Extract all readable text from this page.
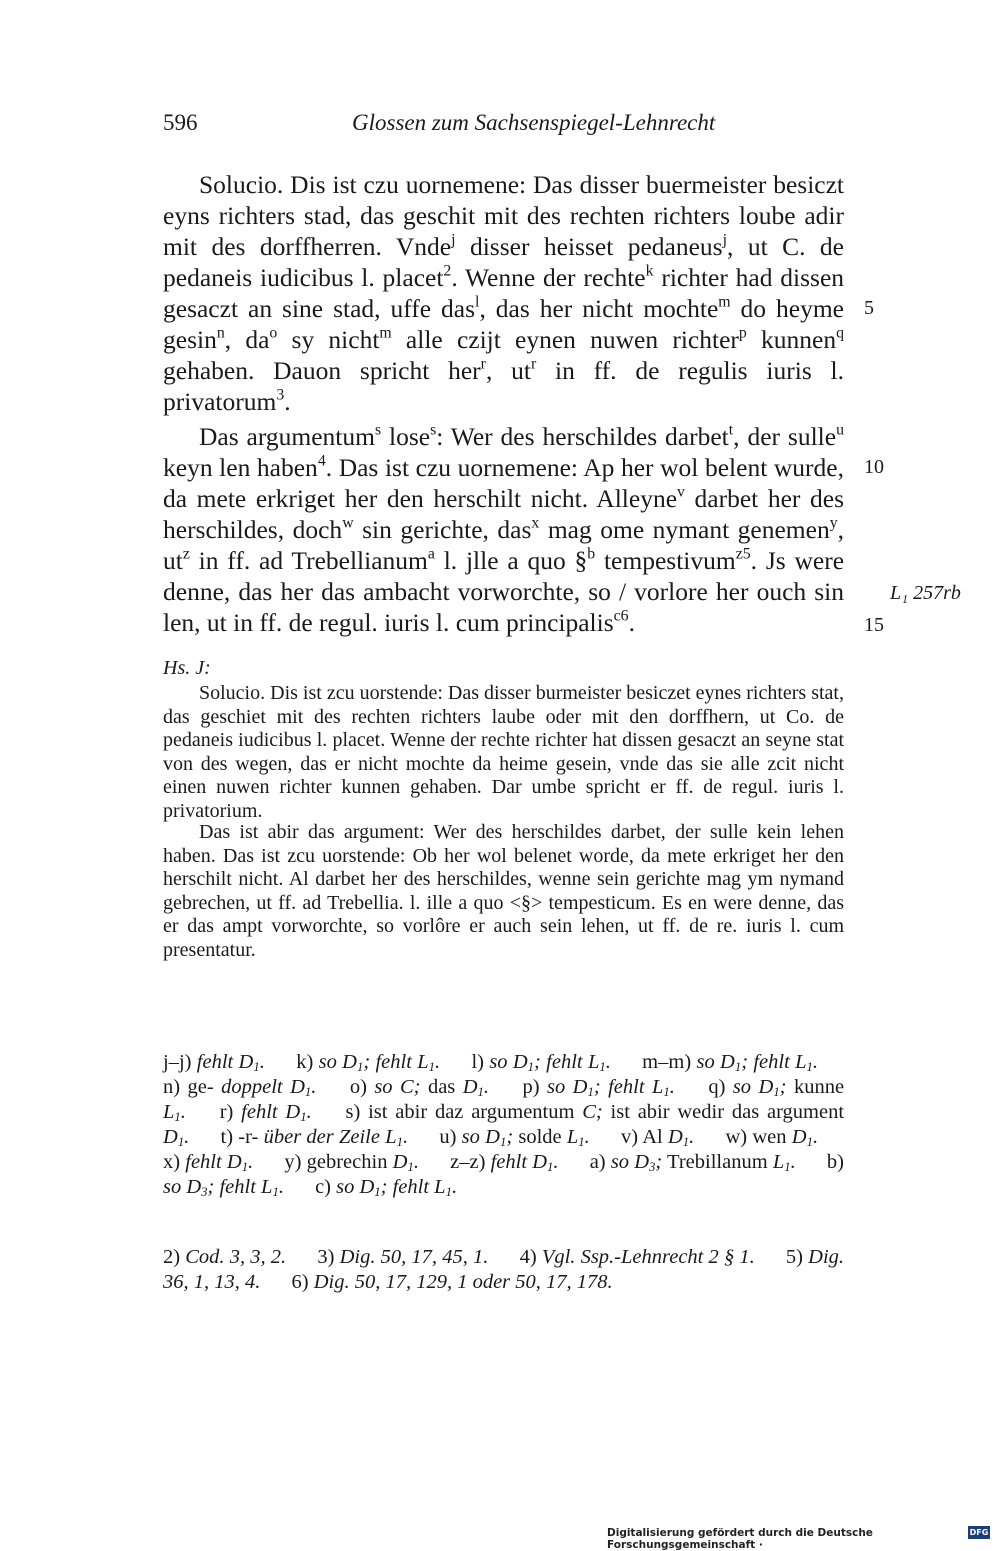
596	Glossen zum Sachsenspiegel-Lehnrecht

Solucio. Dis ist czu uornemene: Das disser buermeister besiczt eyns richters stad, das geschit mit des rechten richters loube adir mit des dorffherren. Vnde$^j$ disser heisset pedaneus$^j$, ut C. de pedaneis iudicibus l. placet$^2$. Wenne der rechte$^k$ richter had dissen gesaczt an sine stad, uffe das$^l$, das her nicht mochte$^m$ do heyme gesin$^n$, $da^o$ sy nicht$^m$ alle czijt eynen nuwen richter$^p$ kunnen$^q$ gehaben. Dauon spricht her$^r$, $ut^r$ in ff. de regulis iuris l. privatorum$^3$.

Das argumentum$^s$ lose$^s$: Wer des herschildes darbet$^t$, der sulle$^u$ keyn len haben$^4$. Das ist czu uornemene: Ap her wol belent wurde, da mete erkriget her den herschilt nicht. Alleyne$^v$ darbet her des herschildes, doch$^w$ sin gerichte, das$^x$ mag ome nymant genemen$^y$, $ut^z$ in ff. ad Trebellianum$^a$ l. jlle a quo §$^b$ tempestivum$^{z5}$. Js were denne, das her das ambacht vorworchte, so / vorlore her ouch sin len, ut in ff. de regul. iuris l. cum principalis$^{c6}$.

5
10
15
L₁ 257rb
Hs. J:

Solucio. Dis ist zcu uorstende: Das disser burmeister besiczet eynes richters stat, das geschiet mit des rechten richters laube oder mit den dorffhern, ut Co. de pedaneis iudicibus l. placet. Wenne der rechte richter hat dissen gesaczt an seyne stat von des wegen, das er nicht mochte da heime gesein, vnde das sie alle zcit nicht einen nuwen richter kunnen gehaben. Dar umbe spricht er ff. de regul. iuris l. privatorium.

Das ist abir das argument: Wer des herschildes darbet, der sulle kein lehen haben. Das ist zcu uorstende: Ob her wol belenet worde, da mete erkriget her den herschilt nicht. Al darbet her des herschildes, wenne sein gerichte mag ym nymand gebrechen, ut ff. ad Trebellia. l. ille a quo <§> tempesticum. Es en were denne, das er das ampt vorworchte, so vorlôre er auch sein lehen, ut ff. de re. iuris l. cum presentatur.

j–j) fehlt $D_1$. k) so $D_1$; fehlt $L_1$. l) so $D_1$; fehlt $L_1$. m–m) so $D_1$; fehlt $L_1$. n) ge- doppelt $D_1$. o) so C; das $D_1$. p) so $D_1$; fehlt $L_1$. q) so $D_1$; kunne $L_1$. r) fehlt $D_1$. s) ist abir daz argumentum C; ist abir wedir das argument $D_1$. t) -r- über der Zeile $L_1$. u) so $D_1$; solde $L_1$. v) Al $D_1$. w) wen $D_1$. x) fehlt $D_1$. y) gebrechin $D_1$. z–z) fehlt $D_1$. a) so $D_3$; Trebillanum $L_1$. b) so $D_3$; fehlt $L_1$. c) so $D_1$; fehlt $L_1$.
2) Cod. 3, 3, 2. 3) Dig. 50, 17, 45, 1. 4) Vgl. Ssp.-Lehnrecht 2 § 1. 5) Dig. 36, 1, 13, 4. 6) Dig. 50, 17, 129, 1 oder 50, 17, 178.
Digitalisierung gefördert durch die Deutsche Forschungsgemeinschaft ·
DFG
